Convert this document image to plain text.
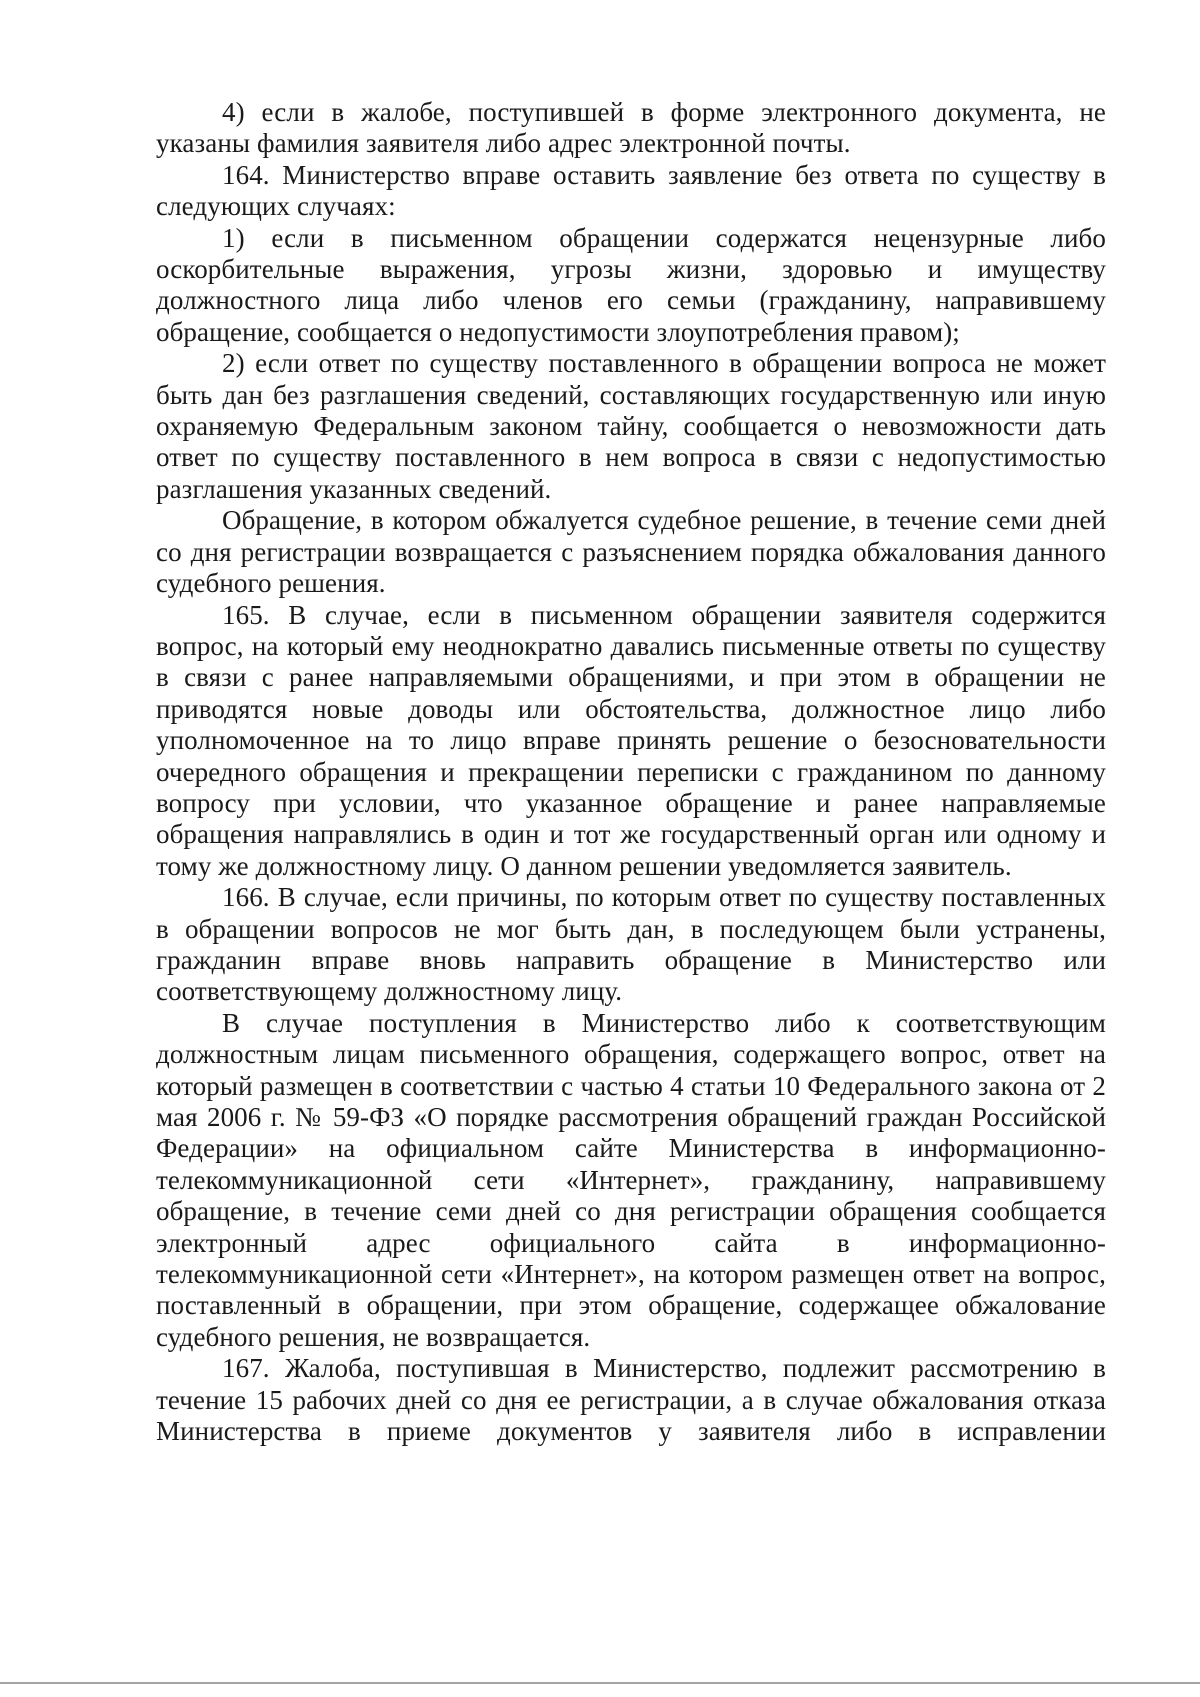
4) если в жалобе, поступившей в форме электронного документа, не указаны фамилия заявителя либо адрес электронной почты.

164. Министерство вправе оставить заявление без ответа по существу в следующих случаях:

1) если в письменном обращении содержатся нецензурные либо оскорбительные выражения, угрозы жизни, здоровью и имуществу должностного лица либо членов его семьи (гражданину, направившему обращение, сообщается о недопустимости злоупотребления правом);

2) если ответ по существу поставленного в обращении вопроса не может быть дан без разглашения сведений, составляющих государственную или иную охраняемую Федеральным законом тайну, сообщается о невозможности дать ответ по существу поставленного в нем вопроса в связи с недопустимостью разглашения указанных сведений.

Обращение, в котором обжалуется судебное решение, в течение семи дней со дня регистрации возвращается с разъяснением порядка обжалования данного судебного решения.

165. В случае, если в письменном обращении заявителя содержится вопрос, на который ему неоднократно давались письменные ответы по существу в связи с ранее направляемыми обращениями, и при этом в обращении не приводятся новые доводы или обстоятельства, должностное лицо либо уполномоченное на то лицо вправе принять решение о безосновательности очередного обращения и прекращении переписки с гражданином по данному вопросу при условии, что указанное обращение и ранее направляемые обращения направлялись в один и тот же государственный орган или одному и тому же должностному лицу. О данном решении уведомляется заявитель.

166. В случае, если причины, по которым ответ по существу поставленных в обращении вопросов не мог быть дан, в последующем были устранены, гражданин вправе вновь направить обращение в Министерство или соответствующему должностному лицу.

В случае поступления в Министерство либо к соответствующим должностным лицам письменного обращения, содержащего вопрос, ответ на который размещен в соответствии с частью 4 статьи 10 Федерального закона от 2 мая 2006 г. № 59-ФЗ «О порядке рассмотрения обращений граждан Российской Федерации» на официальном сайте Министерства в информационно-телекоммуникационной сети «Интернет», гражданину, направившему обращение, в течение семи дней со дня регистрации обращения сообщается электронный адрес официального сайта в информационно-телекоммуникационной сети «Интернет», на котором размещен ответ на вопрос, поставленный в обращении, при этом обращение, содержащее обжалование судебного решения, не возвращается.

167. Жалоба, поступившая в Министерство, подлежит рассмотрению в течение 15 рабочих дней со дня ее регистрации, а в случае обжалования отказа Министерства в приеме документов у заявителя либо в исправлении
